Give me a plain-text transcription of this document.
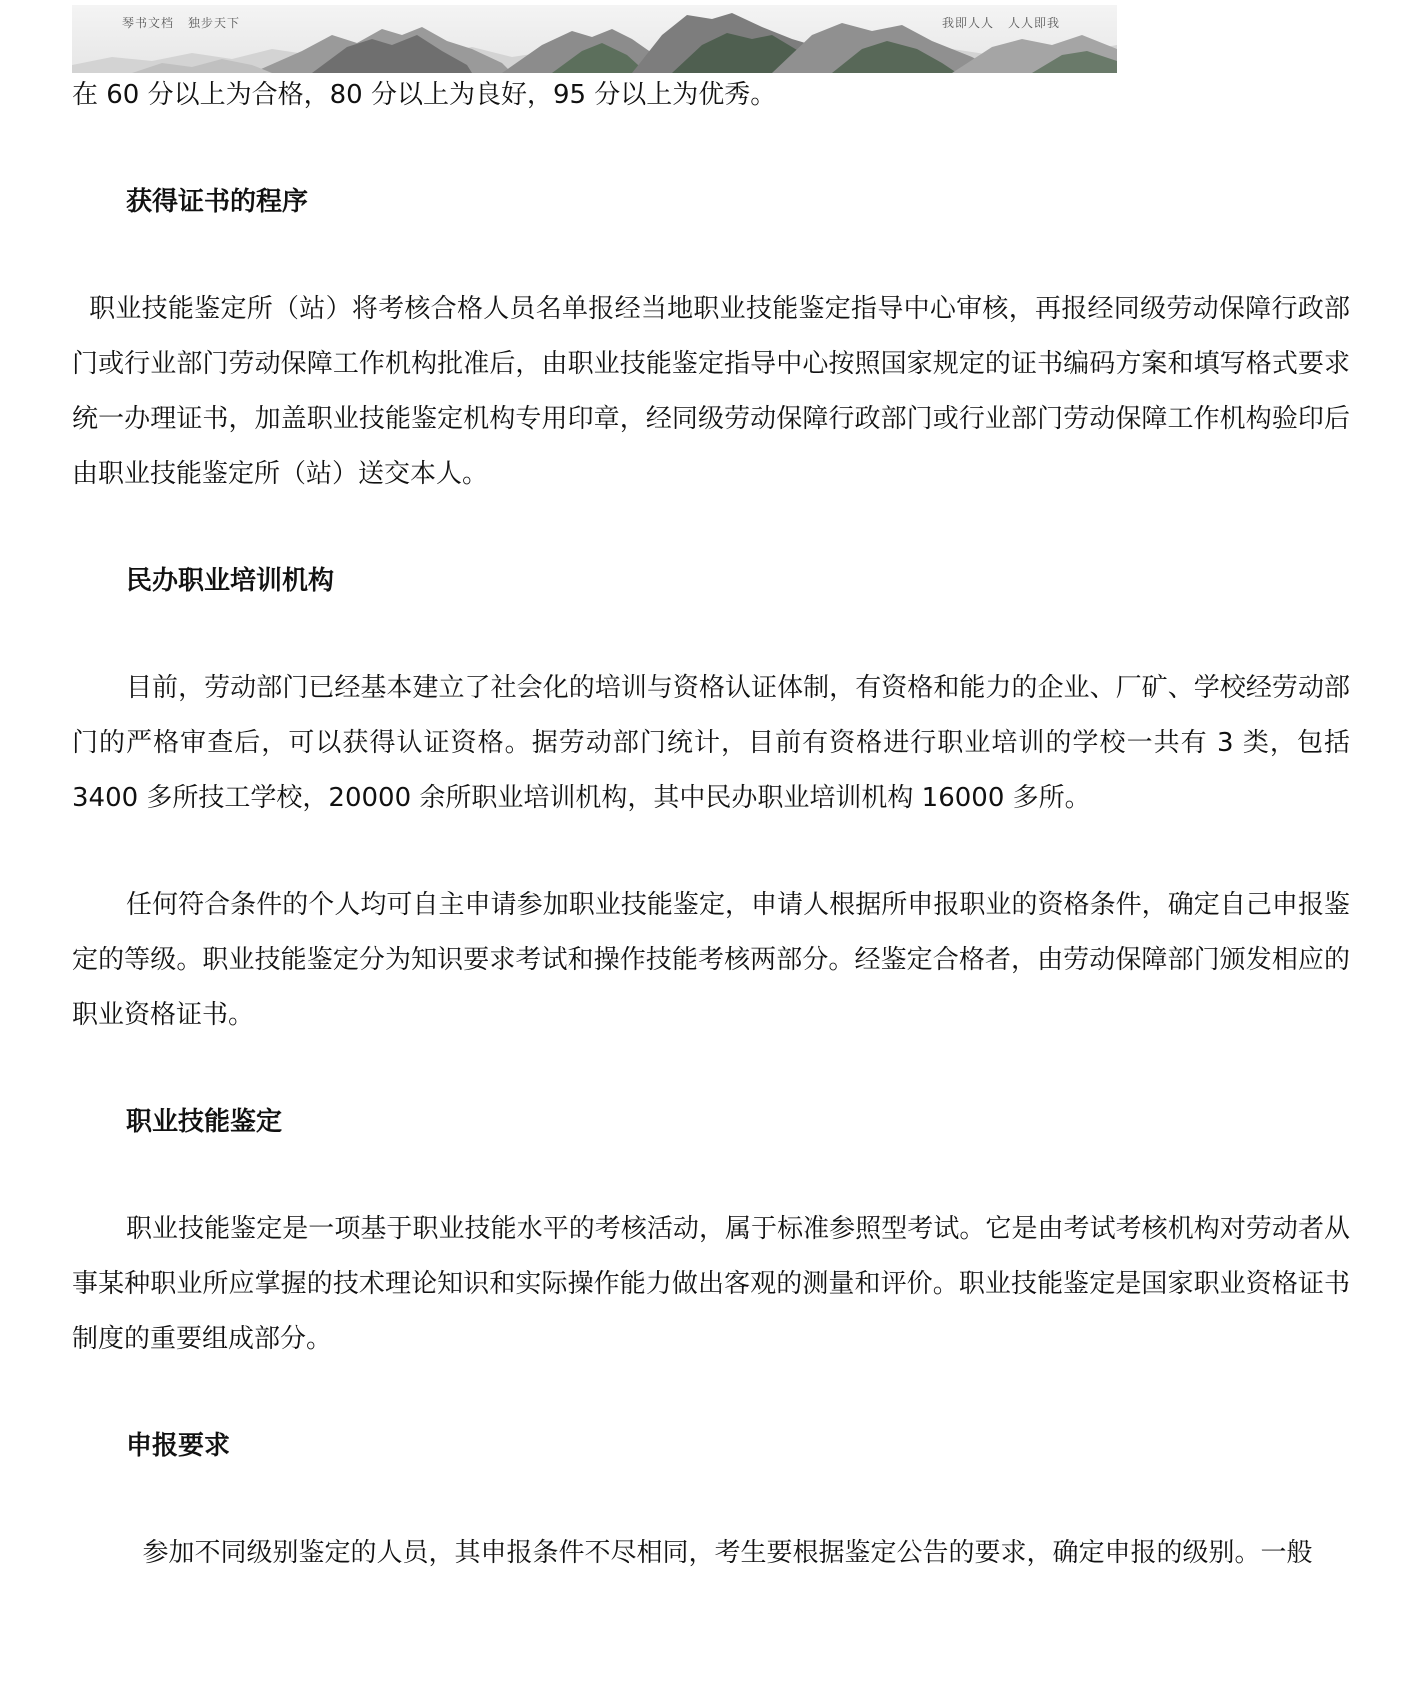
琴书文档 独步天下	我即人人 人人即我

在 60 分以上为合格，80 分以上为良好，95 分以上为优秀。

获得证书的程序

职业技能鉴定所（站）将考核合格人员名单报经当地职业技能鉴定指导中心审核，再报经同级劳动保障行政部门或行业部门劳动保障工作机构批准后，由职业技能鉴定指导中心按照国家规定的证书编码方案和填写格式要求统一办理证书，加盖职业技能鉴定机构专用印章，经同级劳动保障行政部门或行业部门劳动保障工作机构验印后由职业技能鉴定所（站）送交本人。

民办职业培训机构

目前，劳动部门已经基本建立了社会化的培训与资格认证体制，有资格和能力的企业、厂矿、学校经劳动部门的严格审查后，可以获得认证资格。据劳动部门统计，目前有资格进行职业培训的学校一共有 3 类，包括 3400 多所技工学校，20000 余所职业培训机构，其中民办职业培训机构 16000 多所。

任何符合条件的个人均可自主申请参加职业技能鉴定，申请人根据所申报职业的资格条件，确定自己申报鉴定的等级。职业技能鉴定分为知识要求考试和操作技能考核两部分。经鉴定合格者，由劳动保障部门颁发相应的职业资格证书。

职业技能鉴定

职业技能鉴定是一项基于职业技能水平的考核活动，属于标准参照型考试。它是由考试考核机构对劳动者从事某种职业所应掌握的技术理论知识和实际操作能力做出客观的测量和评价。职业技能鉴定是国家职业资格证书制度的重要组成部分。

申报要求

参加不同级别鉴定的人员，其申报条件不尽相同，考生要根据鉴定公告的要求，确定申报的级别。一般
